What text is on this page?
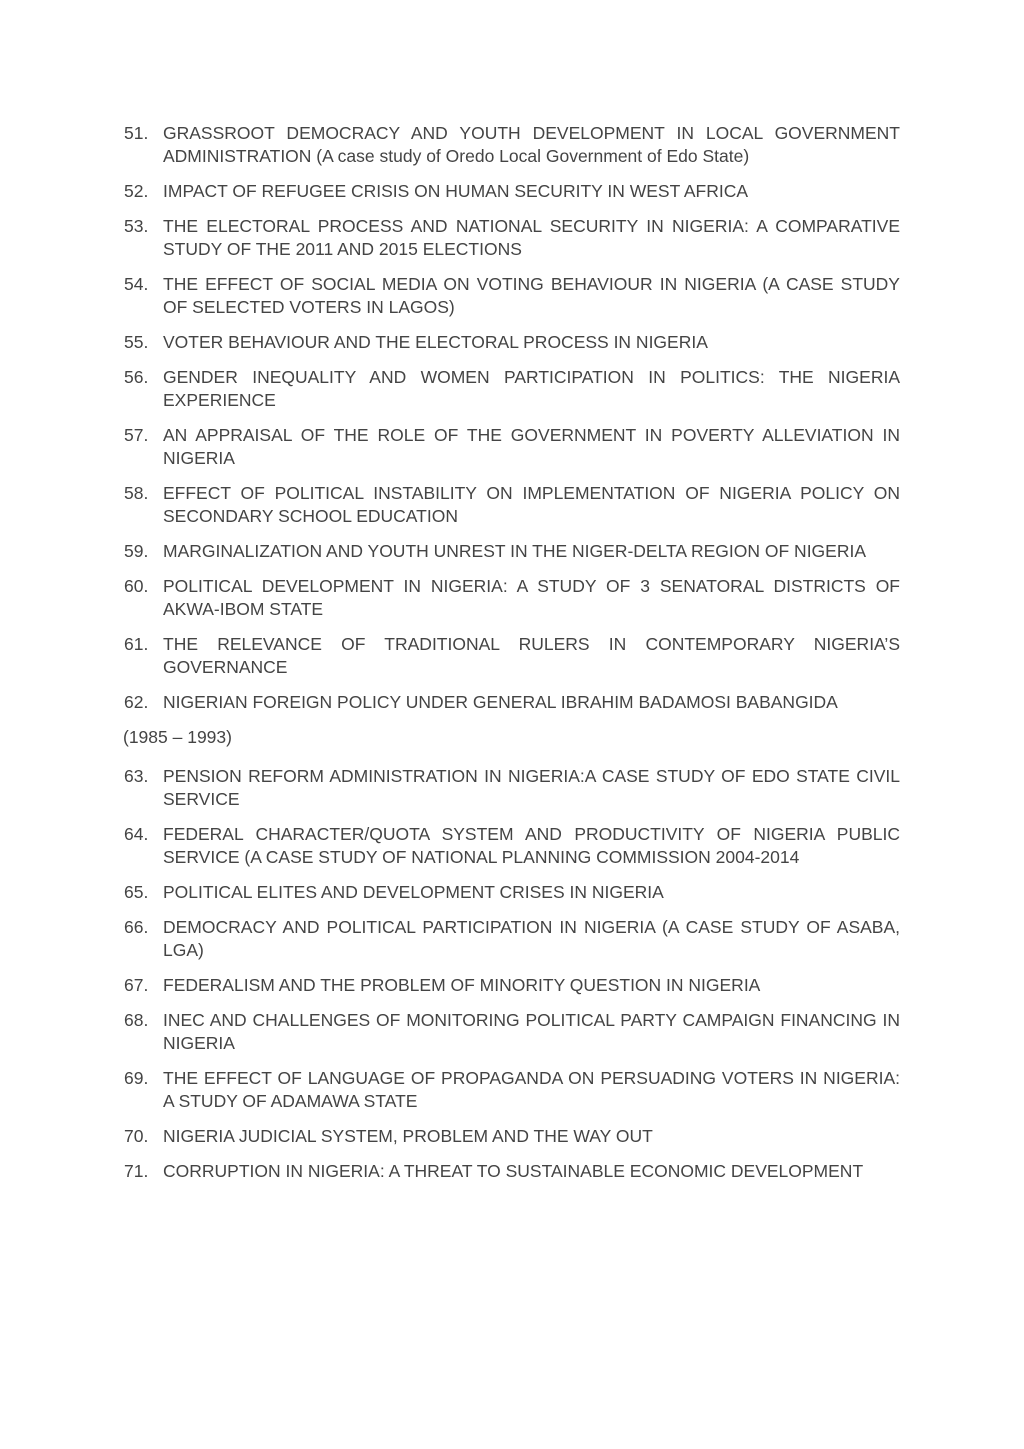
51. GRASSROOT DEMOCRACY AND YOUTH DEVELOPMENT IN LOCAL GOVERNMENT ADMINISTRATION (A case study of Oredo Local Government of Edo State)
52. IMPACT OF REFUGEE CRISIS ON HUMAN SECURITY IN WEST AFRICA
53. THE ELECTORAL PROCESS AND NATIONAL SECURITY IN NIGERIA: A COMPARATIVE STUDY OF THE 2011 AND 2015 ELECTIONS
54. THE EFFECT OF SOCIAL MEDIA ON VOTING BEHAVIOUR IN NIGERIA (A CASE STUDY OF SELECTED VOTERS IN LAGOS)
55. VOTER BEHAVIOUR AND THE ELECTORAL PROCESS IN NIGERIA
56. GENDER INEQUALITY AND WOMEN PARTICIPATION IN POLITICS: THE NIGERIA EXPERIENCE
57. AN APPRAISAL OF THE ROLE OF THE GOVERNMENT IN POVERTY ALLEVIATION IN NIGERIA
58. EFFECT OF POLITICAL INSTABILITY ON IMPLEMENTATION OF NIGERIA POLICY ON SECONDARY SCHOOL EDUCATION
59. MARGINALIZATION AND YOUTH UNREST IN THE NIGER-DELTA REGION OF NIGERIA
60. POLITICAL DEVELOPMENT IN NIGERIA: A STUDY OF 3 SENATORAL DISTRICTS OF AKWA-IBOM STATE
61. THE RELEVANCE OF TRADITIONAL RULERS IN CONTEMPORARY NIGERIA’S GOVERNANCE
62. NIGERIAN FOREIGN POLICY UNDER GENERAL IBRAHIM BADAMOSI BABANGIDA
(1985 – 1993)
63. PENSION REFORM ADMINISTRATION IN NIGERIA:A CASE STUDY OF EDO STATE CIVIL SERVICE
64. FEDERAL CHARACTER/QUOTA SYSTEM AND PRODUCTIVITY OF NIGERIA PUBLIC SERVICE (A CASE STUDY OF NATIONAL PLANNING COMMISSION 2004-2014
65. POLITICAL ELITES AND DEVELOPMENT CRISES IN NIGERIA
66. DEMOCRACY AND POLITICAL PARTICIPATION IN NIGERIA (A CASE STUDY OF ASABA, LGA)
67. FEDERALISM AND THE PROBLEM OF MINORITY QUESTION IN NIGERIA
68. INEC AND CHALLENGES OF MONITORING POLITICAL PARTY CAMPAIGN FINANCING IN NIGERIA
69. THE EFFECT OF LANGUAGE OF PROPAGANDA ON PERSUADING VOTERS IN NIGERIA: A STUDY OF ADAMAWA STATE
70. NIGERIA JUDICIAL SYSTEM, PROBLEM AND THE WAY OUT
71. CORRUPTION IN NIGERIA: A THREAT TO SUSTAINABLE ECONOMIC DEVELOPMENT
